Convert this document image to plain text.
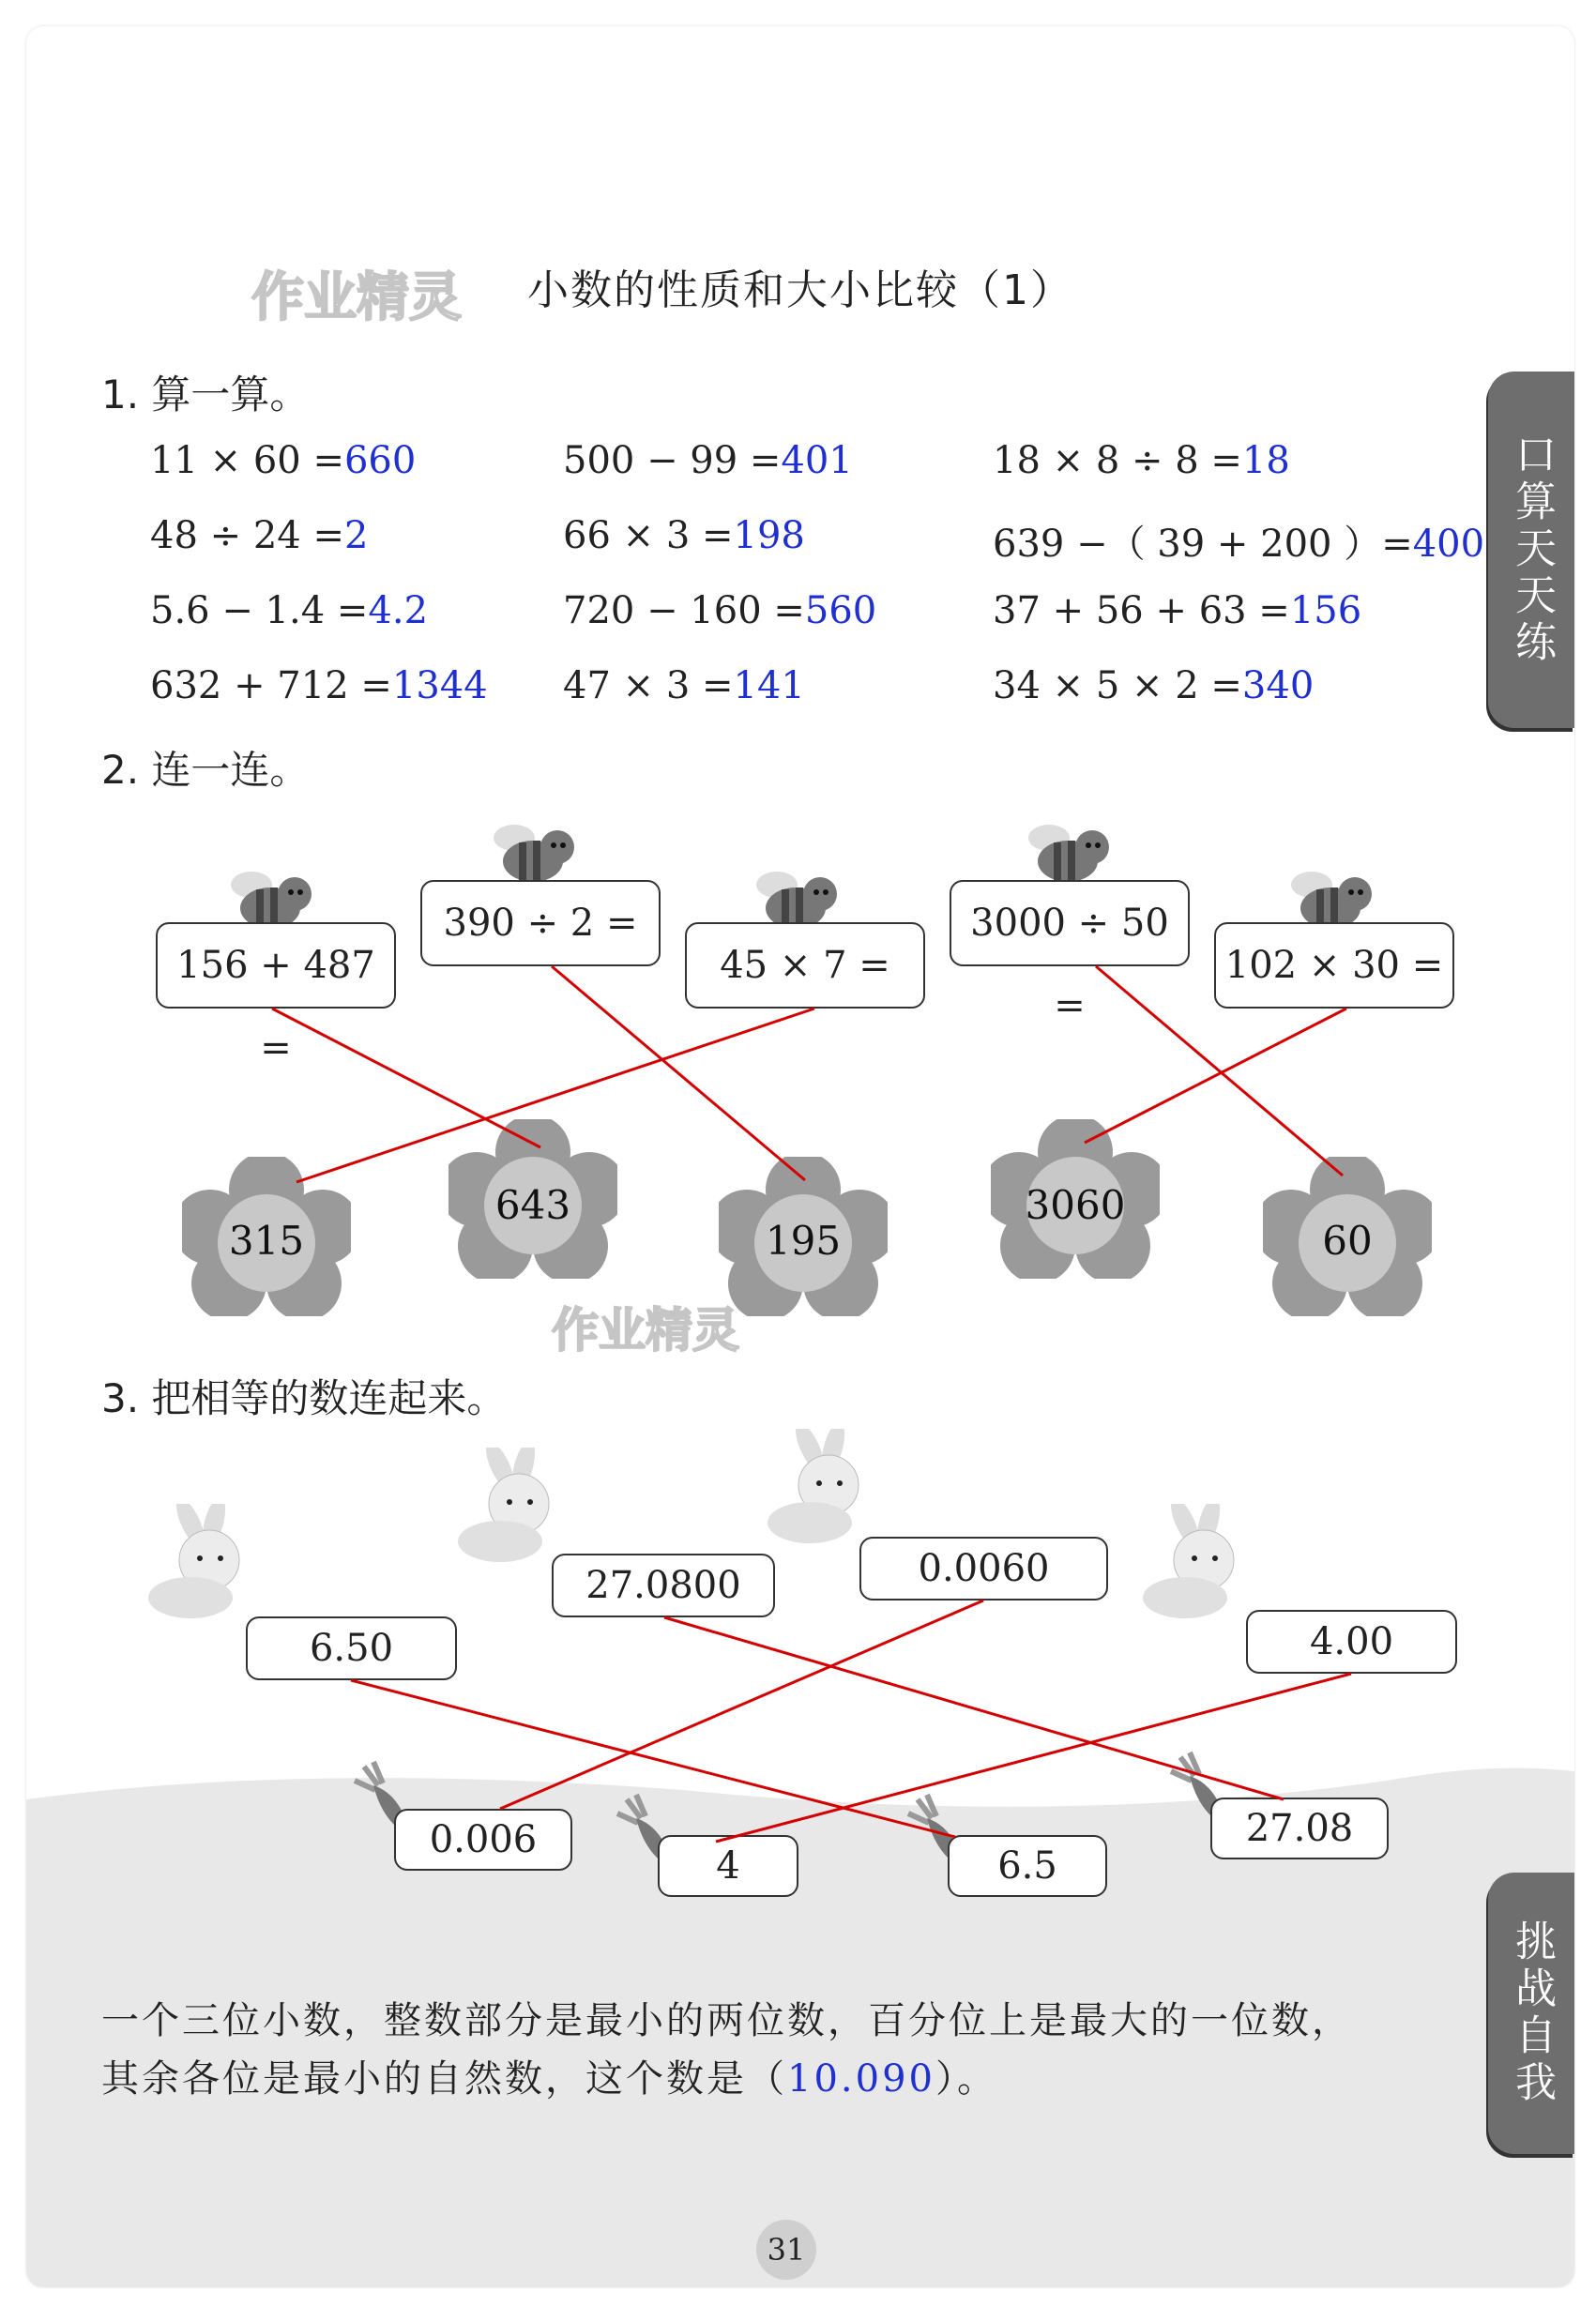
作业精灵
作业精灵
小数的性质和大小比较（1）
口算天天练
挑战自我
1. 算一算。
11 × 60 =660	500 − 99 =401	18 × 8 ÷ 8 =18
48 ÷ 24 =2	66 × 3 =198	639 −（ 39 + 200 ）=400
5.6 − 1.4 =4.2	720 − 160 =560	37 + 56 + 63 =156
632 + 712 =1344 47 × 3 =141	34 × 5 × 2 =340
2. 连一连。
156 + 487 =
390 ÷ 2 =
45 × 7 =
3000 ÷ 50 =
102 × 30 =
315
643
195
3060
60
3. 把相等的数连起来。
6.50
27.0800	0.0060
4.00
0.006
4	6.5
27.08
一个三位小数，整数部分是最小的两位数，百分位上是最大的一位数，
其余各位是最小的自然数，这个数是（10.090）。
31
